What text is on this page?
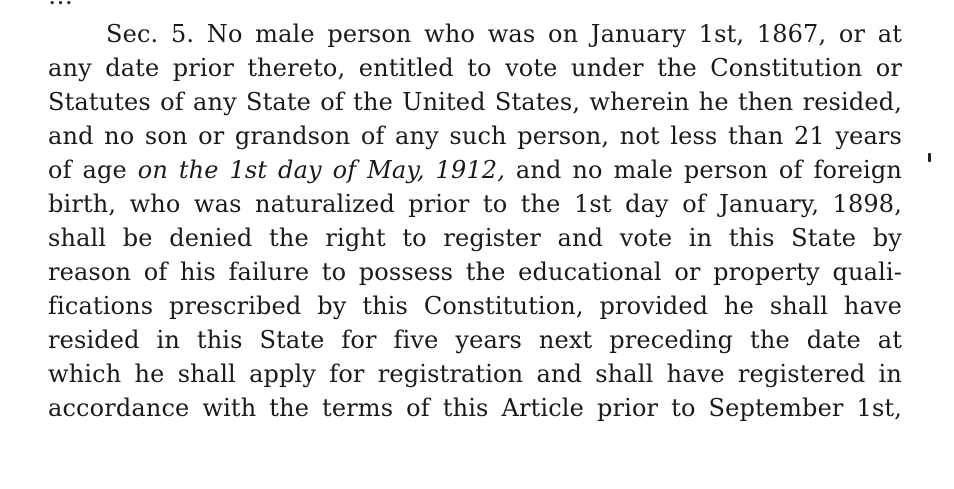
Sec. 5. No male person who was on January 1st, 1867, or at
any date prior thereto, entitled to vote under the Constitution or
Statutes of any State of the United States, wherein he then resided,
and no son or grandson of any such person, not less than 21 years
of age on the 1st day of May, 1912, and no male person of foreign
birth, who was naturalized prior to the 1st day of January, 1898,
shall be denied the right to register and vote in this State by
reason of his failure to possess the educational or property quali-
fications prescribed by this Constitution, provided he shall have
resided in this State for five years next preceding the date at
which he shall apply for registration and shall have registered in
accordance with the terms of this Article prior to September 1st,
